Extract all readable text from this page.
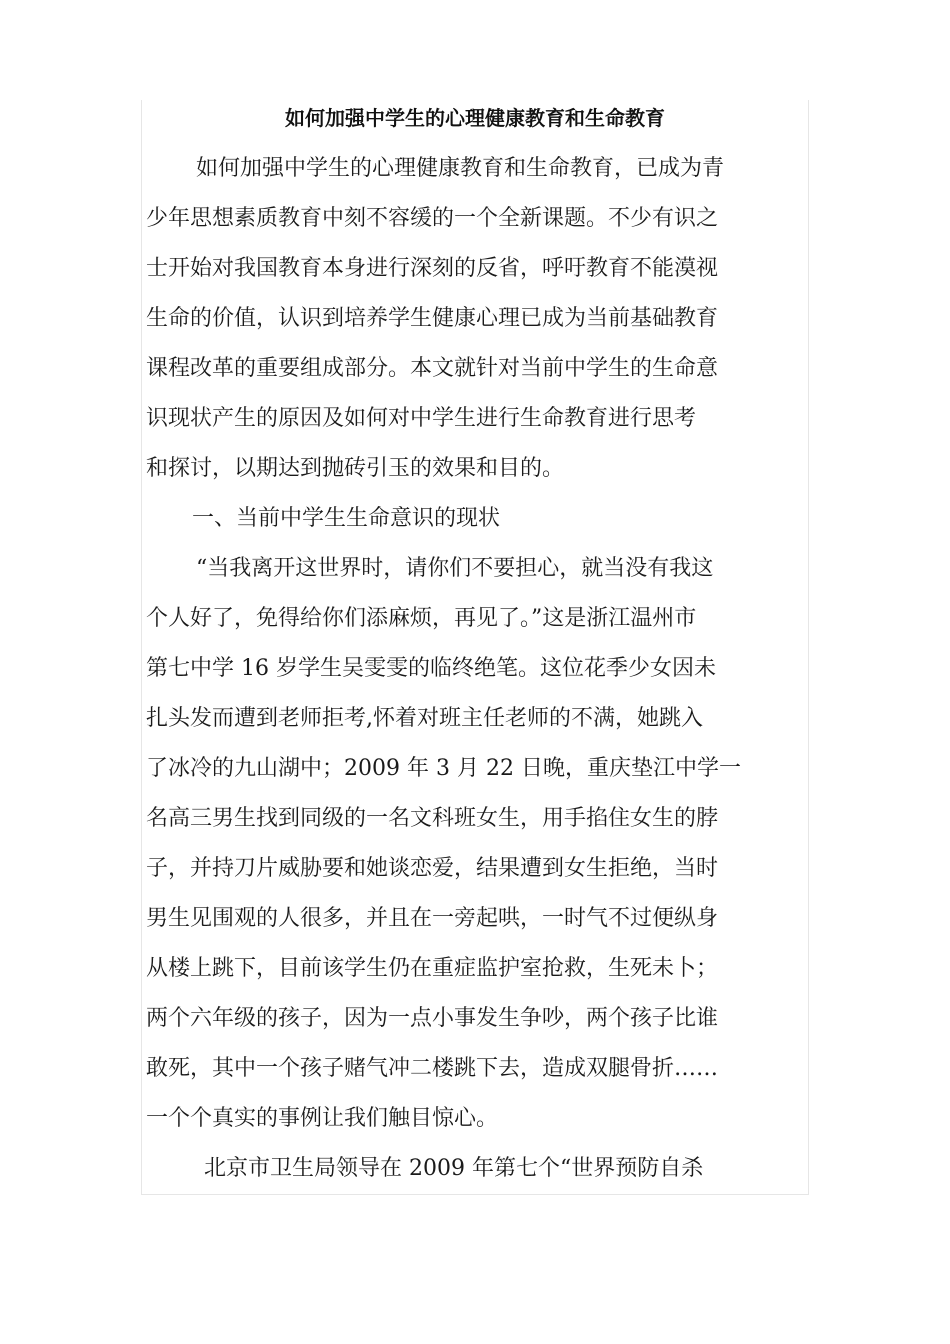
如何加强中学生的心理健康教育和生命教育
如何加强中学生的心理健康教育和生命教育，已成为青
少年思想素质教育中刻不容缓的一个全新课题。不少有识之
士开始对我国教育本身进行深刻的反省，呼吁教育不能漠视
生命的价值，认识到培养学生健康心理已成为当前基础教育
课程改革的重要组成部分。本文就针对当前中学生的生命意
识现状产生的原因及如何对中学生进行生命教育进行思考
和探讨，以期达到抛砖引玉的效果和目的。
一、当前中学生生命意识的现状
“当我离开这世界时，请你们不要担心，就当没有我这
个人好了，免得给你们添麻烦，再见了。”这是浙江温州市
第七中学 16 岁学生吴雯雯的临终绝笔。这位花季少女因未
扎头发而遭到老师拒考,怀着对班主任老师的不满，她跳入
了冰冷的九山湖中；2009 年 3 月 22 日晚，重庆垫江中学一
名高三男生找到同级的一名文科班女生，用手掐住女生的脖
子，并持刀片威胁要和她谈恋爱，结果遭到女生拒绝，当时
男生见围观的人很多，并且在一旁起哄，一时气不过便纵身
从楼上跳下，目前该学生仍在重症监护室抢救，生死未卜；
两个六年级的孩子，因为一点小事发生争吵，两个孩子比谁
敢死，其中一个孩子赌气冲二楼跳下去，造成双腿骨折……
一个个真实的事例让我们触目惊心。
北京市卫生局领导在 2009 年第七个“世界预防自杀
